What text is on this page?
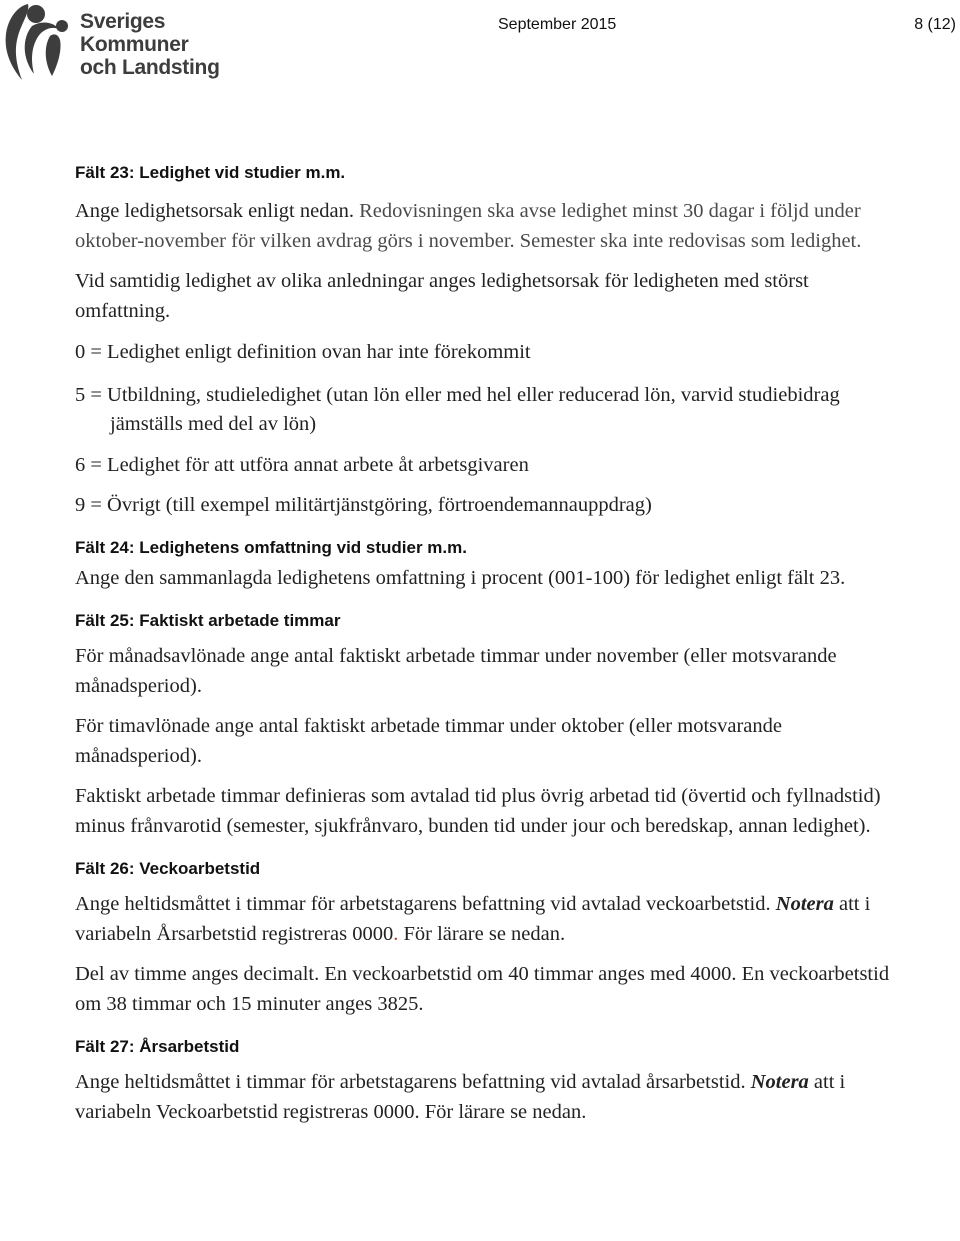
Sveriges
Kommuner
och Landsting
September 2015	8 (12)
Fält 23: Ledighet vid studier m.m.

Ange ledighetsorsak enligt nedan. Redovisningen ska avse ledighet minst 30 dagar i följd under oktober-november för vilken avdrag görs i november. Semester ska inte redovisas som ledighet.

Vid samtidig ledighet av olika anledningar anges ledighetsorsak för ledigheten med störst omfattning.

0 = Ledighet enligt definition ovan har inte förekommit

5 = Utbildning, studieledighet (utan lön eller med hel eller reducerad lön, varvid studiebidrag jämställs med del av lön)

6 = Ledighet för att utföra annat arbete åt arbetsgivaren

9 = Övrigt (till exempel militärtjänstgöring, förtroendemannauppdrag)

Fält 24: Ledighetens omfattning vid studier m.m.

Ange den sammanlagda ledighetens omfattning i procent (001-100) för ledighet enligt fält 23.

Fält 25: Faktiskt arbetade timmar

För månadsavlönade ange antal faktiskt arbetade timmar under november (eller motsvarande månadsperiod).

För timavlönade ange antal faktiskt arbetade timmar under oktober (eller motsvarande månadsperiod).

Faktiskt arbetade timmar definieras som avtalad tid plus övrig arbetad tid (övertid och fyllnadstid) minus frånvarotid (semester, sjukfrånvaro, bunden tid under jour och beredskap, annan ledighet).

Fält 26: Veckoarbetstid

Ange heltidsmåttet i timmar för arbetstagarens befattning vid avtalad veckoarbetstid. Notera att i variabeln Årsarbetstid registreras 0000. För lärare se nedan.

Del av timme anges decimalt. En veckoarbetstid om 40 timmar anges med 4000. En veckoarbetstid om 38 timmar och 15 minuter anges 3825.

Fält 27: Årsarbetstid

Ange heltidsmåttet i timmar för arbetstagarens befattning vid avtalad årsarbetstid. Notera att i variabeln Veckoarbetstid registreras 0000. För lärare se nedan.
